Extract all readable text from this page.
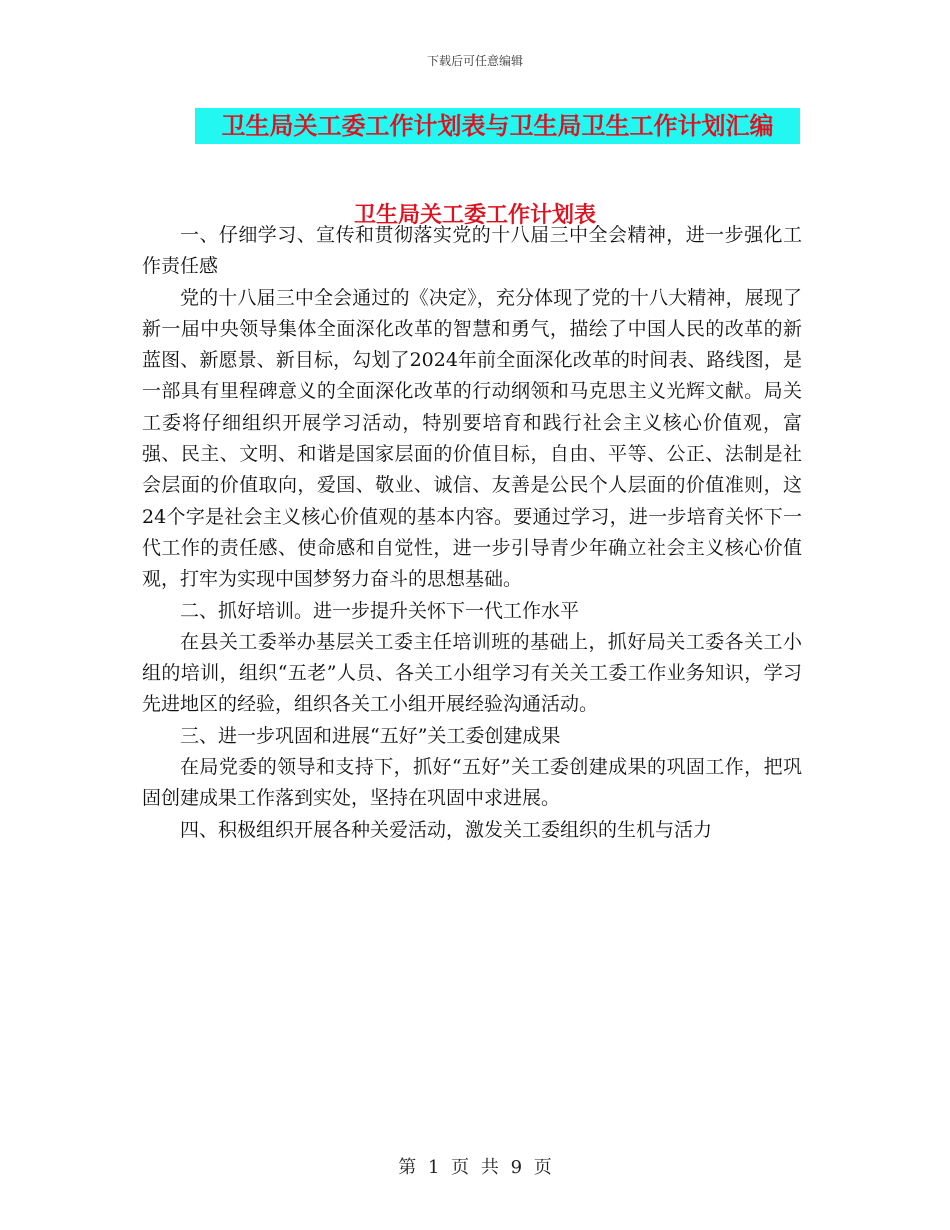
下载后可任意编辑
卫生局关工委工作计划表与卫生局卫生工作计划汇编
卫生局关工委工作计划表

一、仔细学习、宣传和贯彻落实党的十八届三中全会精神，进一步强化工作责任感

党的十八届三中全会通过的《决定》，充分体现了党的十八大精神，展现了新一届中央领导集体全面深化改革的智慧和勇气，描绘了中国人民的改革的新蓝图、新愿景、新目标，勾划了2024年前全面深化改革的时间表、路线图，是一部具有里程碑意义的全面深化改革的行动纲领和马克思主义光辉文献。局关工委将仔细组织开展学习活动，特别要培育和践行社会主义核心价值观，富强、民主、文明、和谐是国家层面的价值目标，自由、平等、公正、法制是社会层面的价值取向，爱国、敬业、诚信、友善是公民个人层面的价值准则，这24个字是社会主义核心价值观的基本内容。要通过学习，进一步培育关怀下一代工作的责任感、使命感和自觉性，进一步引导青少年确立社会主义核心价值观，打牢为实现中国梦努力奋斗的思想基础。

二、抓好培训。进一步提升关怀下一代工作水平

在县关工委举办基层关工委主任培训班的基础上，抓好局关工委各关工小组的培训，组织“五老”人员、各关工小组学习有关关工委工作业务知识，学习先进地区的经验，组织各关工小组开展经验沟通活动。

三、进一步巩固和进展“五好”关工委创建成果

在局党委的领导和支持下，抓好“五好”关工委创建成果的巩固工作，把巩固创建成果工作落到实处，坚持在巩固中求进展。

四、积极组织开展各种关爱活动，激发关工委组织的生机与活力

第 1 页 共 9 页
